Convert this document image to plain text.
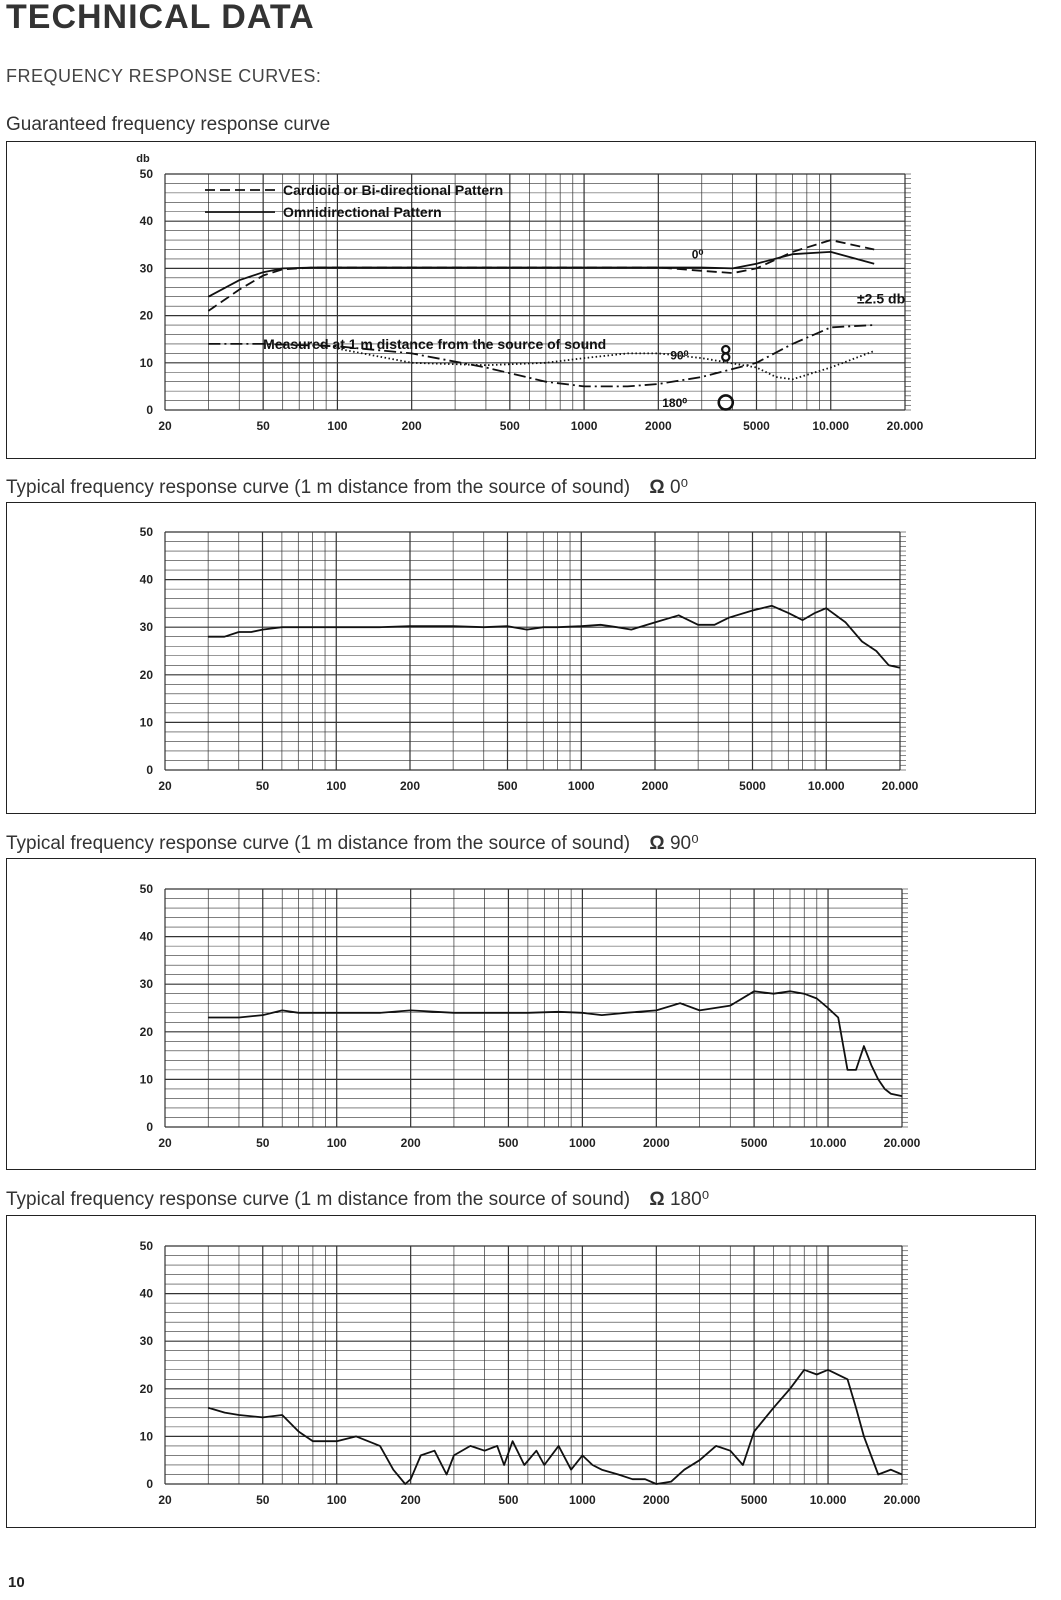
TECHNICAL DATA
FREQUENCY RESPONSE CURVES:
Guaranteed frequency response curve
20	50	100	200	500	1000	2000	5000	10.000	20.000
0
10
20
30
40
50
db
Cardioid or Bi-directional Pattern
Omnidirectional Pattern
±2.5 db
0⁰
Measured at 1 m distance from the source of sound
90⁰
180⁰
Typical frequency response curve (1 m distance from the source of sound) Ω 0⁰
20	50	100	200	500	1000	2000	5000	10.000	20.000
0
10
20
30
40
50
Typical frequency response curve (1 m distance from the source of sound) Ω 90⁰
20	50	100	200	500	1000	2000	5000	10.000	20.000
0
10
20
30
40
50
Typical frequency response curve (1 m distance from the source of sound) Ω 180⁰
20	50	100	200	500	1000	2000	5000	10.000	20.000
0
10
20
30
40
50
10
